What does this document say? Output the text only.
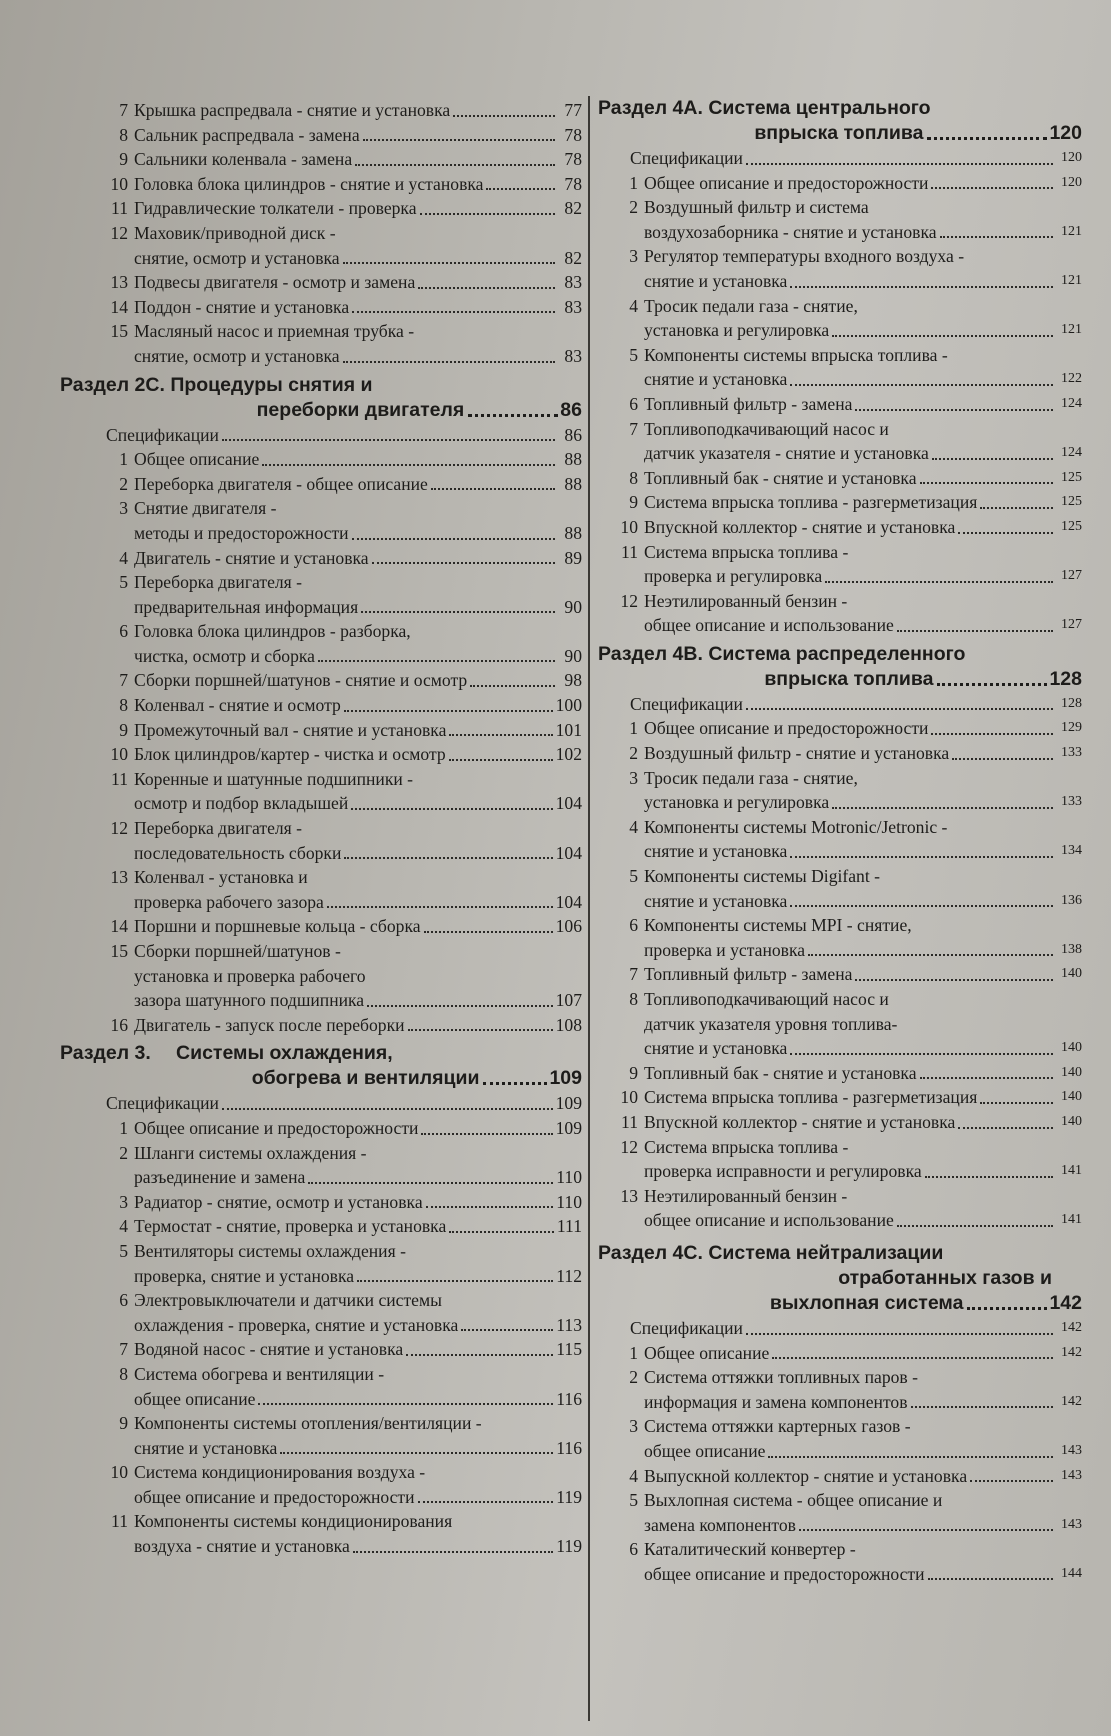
7 Крышка распредвала - снятие и установка	77
8 Сальник распредвала - замена	78
9 Сальники коленвала - замена	78
10 Головка блока цилиндров - снятие и установка	78
11 Гидравлические толкатели - проверка	82
12 Маховик/приводной диск -
снятие, осмотр и установка	82
13 Подвесы двигателя - осмотр и замена	83
14 Поддон - снятие и установка	83
15 Масляный насос и приемная трубка -
снятие, осмотр и установка	83
Раздел 2С. Процедуры снятия и
переборки двигателя	86
Спецификации	86
1 Общее описание	88
2 Переборка двигателя - общее описание	88
3 Снятие двигателя -
методы и предосторожности	88
4 Двигатель - снятие и установка	89
5 Переборка двигателя -
предварительная информация	90
6 Головка блока цилиндров - разборка,
чистка, осмотр и сборка	90
7 Сборки поршней/шатунов - снятие и осмотр	98
8 Коленвал - снятие и осмотр	100
9 Промежуточный вал - снятие и установка	101
10 Блок цилиндров/картер - чистка и осмотр	102
11 Коренные и шатунные подшипники -
осмотр и подбор вкладышей	104
12 Переборка двигателя -
последовательность сборки	104
13 Коленвал - установка и
проверка рабочего зазора	104
14 Поршни и поршневые кольца - сборка	106
15 Сборки поршней/шатунов -
установка и проверка рабочего
зазора шатунного подшипника	107
16 Двигатель - запуск после переборки	108
Раздел 3.	Системы охлаждения,
обогрева и вентиляции	109
Спецификации	109
1 Общее описание и предосторожности	109
2 Шланги системы охлаждения -
разъединение и замена	110
3 Радиатор - снятие, осмотр и установка	110
4 Термостат - снятие, проверка и установка	111
5 Вентиляторы системы охлаждения -
проверка, снятие и установка	112
6 Электровыключатели и датчики системы
охлаждения - проверка, снятие и установка	113
7 Водяной насос - снятие и установка	115
8 Система обогрева и вентиляции -
общее описание	116
9 Компоненты системы отопления/вентиляции -
снятие и установка	116
10 Система кондиционирования воздуха -
общее описание и предосторожности	119
11 Компоненты системы кондиционирования
воздуха - снятие и установка	119
Раздел 4А. Система центрального
впрыска топлива	120
Спецификации	120
1 Общее описание и предосторожности	120
2 Воздушный фильтр и система
воздухозаборника - снятие и установка	121
3 Регулятор температуры входного воздуха -
снятие и установка	121
4 Тросик педали газа - снятие,
установка и регулировка	121
5 Компоненты системы впрыска топлива -
снятие и установка	122
6 Топливный фильтр - замена	124
7 Топливоподкачивающий насос и
датчик указателя - снятие и установка	124
8 Топливный бак - снятие и установка	125
9 Система впрыска топлива - разгерметизация	125
10 Впускной коллектор - снятие и установка	125
11 Система впрыска топлива -
проверка и регулировка	127
12 Неэтилированный бензин -
общее описание и использование	127
Раздел 4В. Система распределенного
впрыска топлива	128
Спецификации	128
1 Общее описание и предосторожности	129
2 Воздушный фильтр - снятие и установка	133
3 Тросик педали газа - снятие,
установка и регулировка	133
4 Компоненты системы Motronic/Jetronic -
снятие и установка	134
5 Компоненты системы Digifant -
снятие и установка	136
6 Компоненты системы MPI - снятие,
проверка и установка	138
7 Топливный фильтр - замена	140
8 Топливоподкачивающий насос и
датчик указателя уровня топлива-
снятие и установка	140
9 Топливный бак - снятие и установка	140
10 Система впрыска топлива - разгерметизация	140
11 Впускной коллектор - снятие и установка	140
12 Система впрыска топлива -
проверка исправности и регулировка	141
13 Неэтилированный бензин -
общее описание и использование	141
Раздел 4С. Система нейтрализации
отработанных газов и
выхлопная система	142
Спецификации	142
1 Общее описание	142
2 Система оттяжки топливных паров -
информация и замена компонентов	142
3 Система оттяжки картерных газов -
общее описание	143
4 Выпускной коллектор - снятие и установка	143
5 Выхлопная система - общее описание и
замена компонентов	143
6 Каталитический конвертер -
общее описание и предосторожности	144
